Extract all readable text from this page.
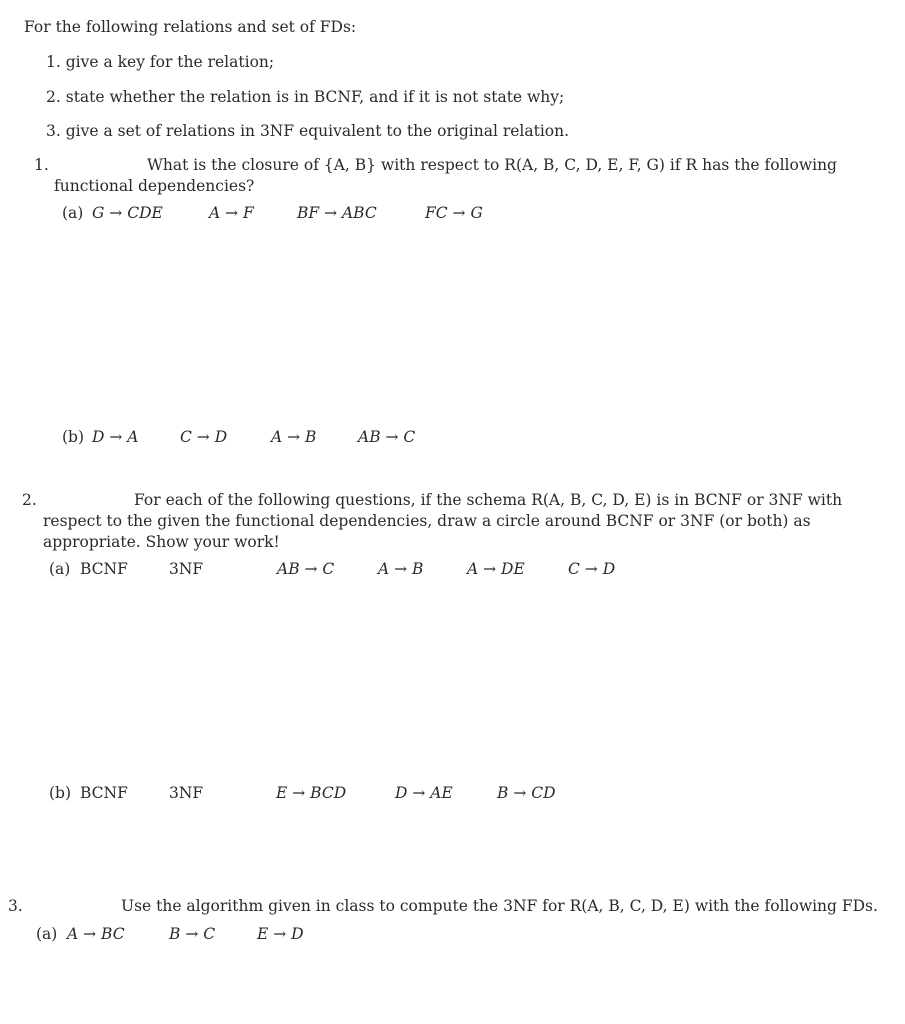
For the following relations and set of FDs:
1. give a key for the relation;
2. state whether the relation is in BCNF, and if it is not state why;
3. give a set of relations in 3NF equivalent to the original relation.
1.	What is the closure of {A, B} with respect to R(A, B, C, D, E, F, G) if R has the following functional dependencies?
(a) G → CDE	A → F	BF → ABC	FC → G
(b) D → A	C → D	A → B	AB → C
2.	For each of the following questions, if the schema R(A, B, C, D, E) is in BCNF or 3NF with respect to the given the functional dependencies, draw a circle around BCNF or 3NF (or both) as appropriate. Show your work!
(a) BCNF	3NF	AB → C	A → B	A → DE	C → D
(b) BCNF	3NF	E → BCD	D → AE	B → CD
3.	Use the algorithm given in class to compute the 3NF for R(A, B, C, D, E) with the following FDs.
(a) A → BC	B → C	E → D
